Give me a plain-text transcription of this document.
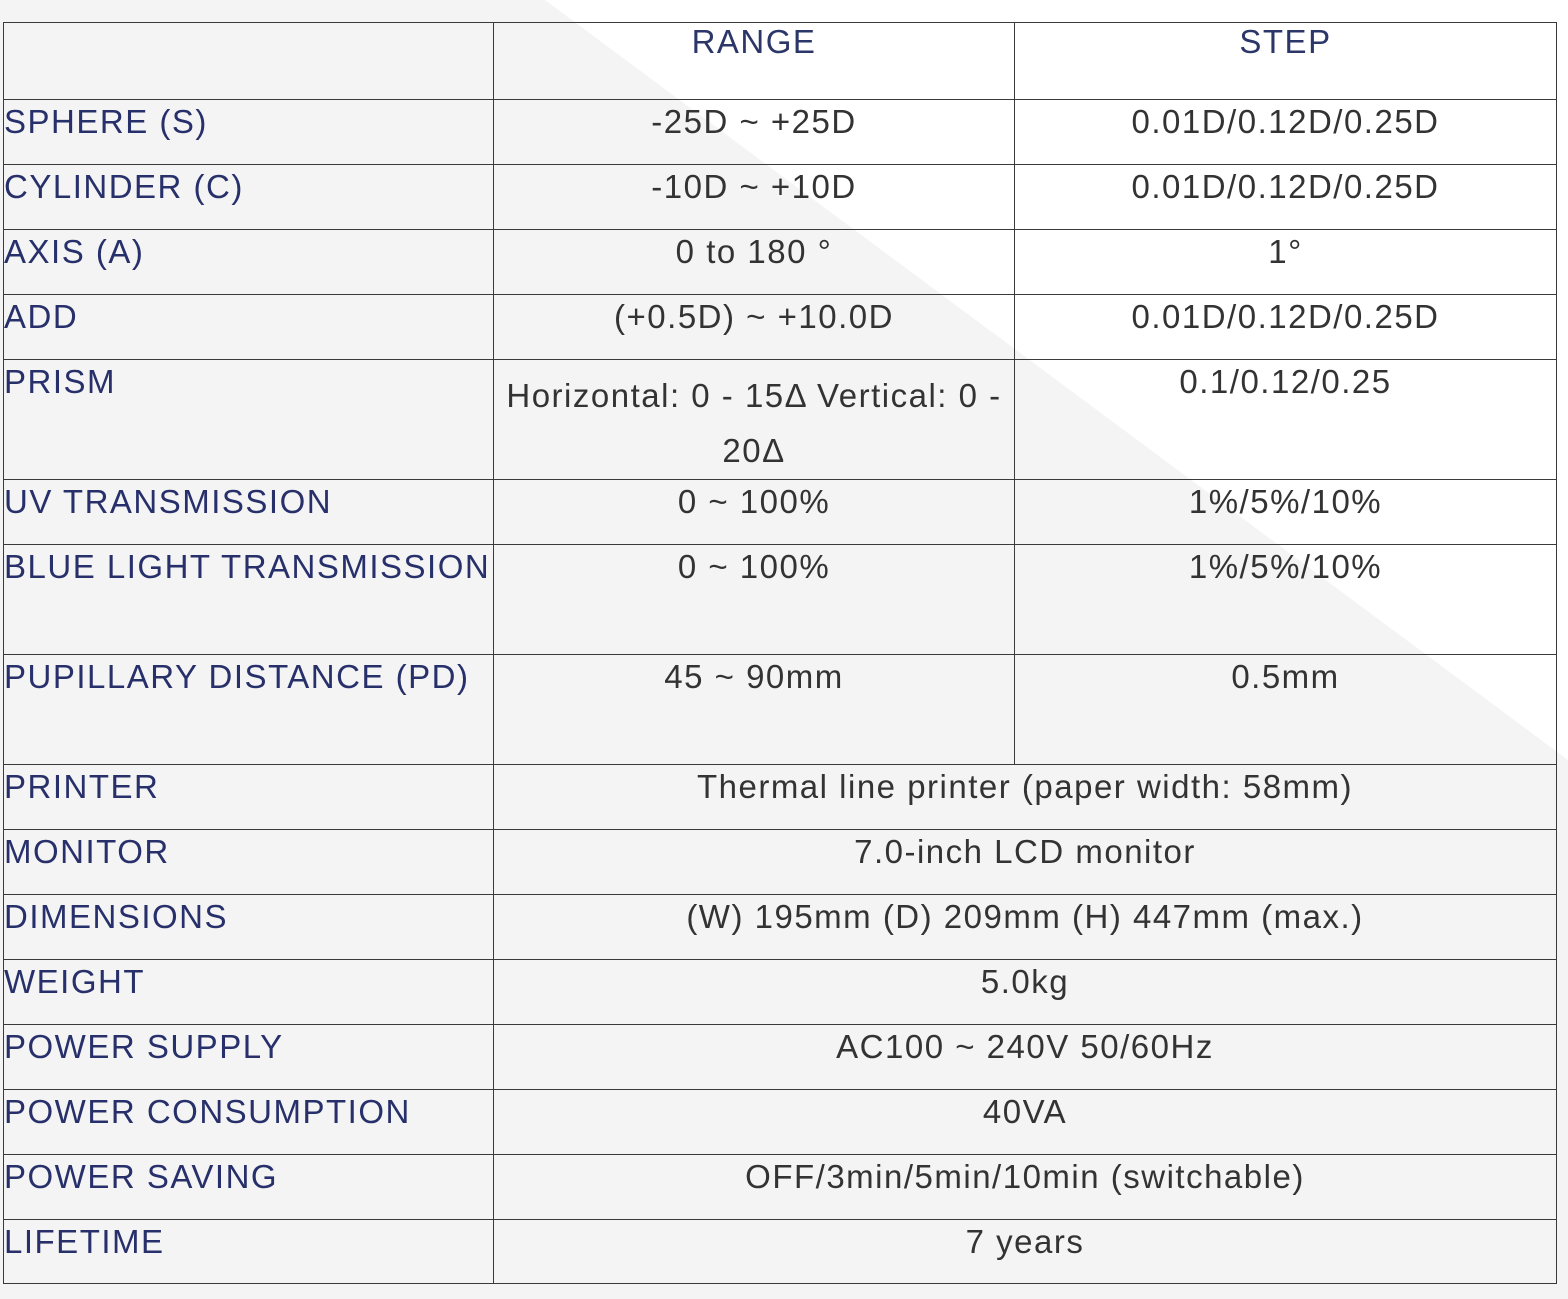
	RANGE	STEP
SPHERE (S)	-25D ~ +25D	0.01D/0.12D/0.25D
CYLINDER (C)	-10D ~ +10D	0.01D/0.12D/0.25D
AXIS (A)	0 to 180 °	1°
ADD	(+0.5D) ~ +10.0D	0.01D/0.12D/0.25D
PRISM	Horizontal: 0 - 15Δ Vertical: 0 - 20Δ	0.1/0.12/0.25
UV TRANSMISSION	0 ~ 100%	1%/5%/10%
BLUE LIGHT TRANSMISSION	0 ~ 100%	1%/5%/10%
PUPILLARY DISTANCE (PD)	45 ~ 90mm	0.5mm
PRINTER	Thermal line printer (paper width: 58mm)	
MONITOR	7.0-inch LCD monitor	
DIMENSIONS	(W) 195mm (D) 209mm (H) 447mm (max.)	
WEIGHT	5.0kg	
POWER SUPPLY	AC100 ~ 240V 50/60Hz	
POWER CONSUMPTION	40VA	
POWER SAVING	OFF/3min/5min/10min (switchable)	
LIFETIME	7 years	
